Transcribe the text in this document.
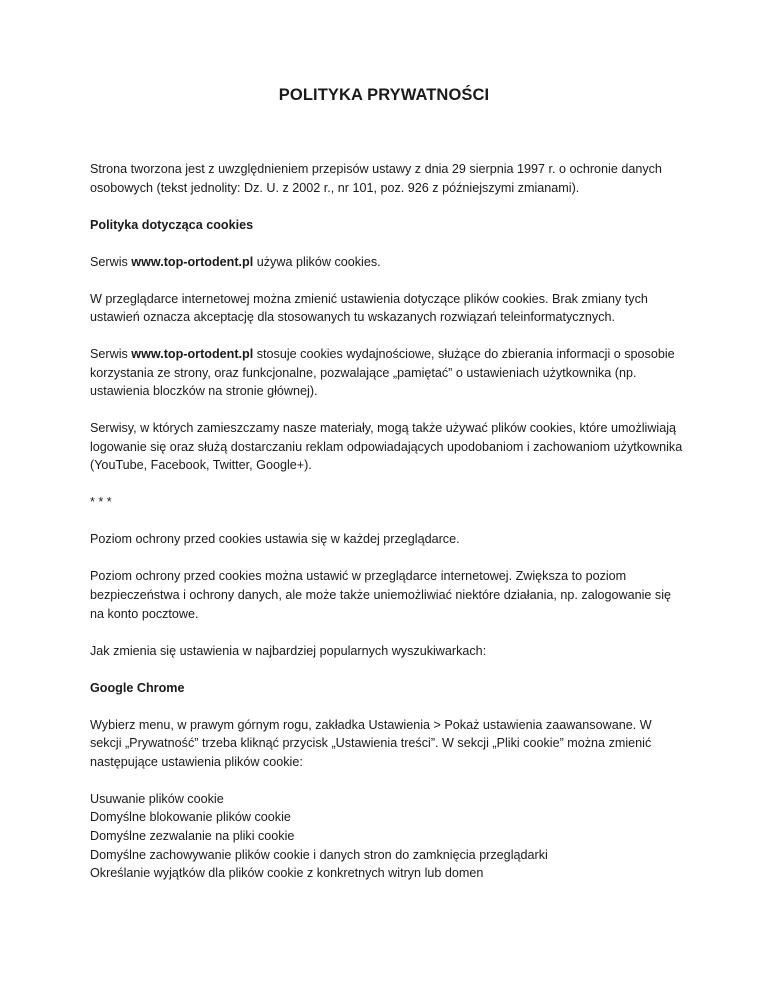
POLITYKA PRYWATNOŚCI

Strona tworzona jest z uwzględnieniem przepisów ustawy z dnia 29 sierpnia 1997 r. o ochronie danych osobowych (tekst jednolity: Dz. U. z 2002 r., nr 101, poz. 926 z późniejszymi zmianami).

Polityka dotycząca cookies

Serwis www.top-ortodent.pl używa plików cookies.

W przeglądarce internetowej można zmienić ustawienia dotyczące plików cookies. Brak zmiany tych ustawień oznacza akceptację dla stosowanych tu wskazanych rozwiązań teleinformatycznych.

Serwis www.top-ortodent.pl stosuje cookies wydajnościowe, służące do zbierania informacji o sposobie korzystania ze strony, oraz funkcjonalne, pozwalające „pamiętać” o ustawieniach użytkownika (np. ustawienia bloczków na stronie głównej).

Serwisy, w których zamieszczamy nasze materiały, mogą także używać plików cookies, które umożliwiają logowanie się oraz służą dostarczaniu reklam odpowiadających upodobaniom i zachowaniom użytkownika (YouTube, Facebook, Twitter, Google+).

* * *

Poziom ochrony przed cookies ustawia się w każdej przeglądarce.

Poziom ochrony przed cookies można ustawić w przeglądarce internetowej. Zwiększa to poziom bezpieczeństwa i ochrony danych, ale może także uniemożliwiać niektóre działania, np. zalogowanie się na konto pocztowe.

Jak zmienia się ustawienia w najbardziej popularnych wyszukiwarkach:

Google Chrome

Wybierz menu, w prawym górnym rogu, zakładka Ustawienia > Pokaż ustawienia zaawansowane. W sekcji „Prywatność” trzeba kliknąć przycisk „Ustawienia treści”. W sekcji „Pliki cookie” można zmienić następujące ustawienia plików cookie:

Usuwanie plików cookie
Domyślne blokowanie plików cookie
Domyślne zezwalanie na pliki cookie
Domyślne zachowywanie plików cookie i danych stron do zamknięcia przeglądarki
Określanie wyjątków dla plików cookie z konkretnych witryn lub domen
